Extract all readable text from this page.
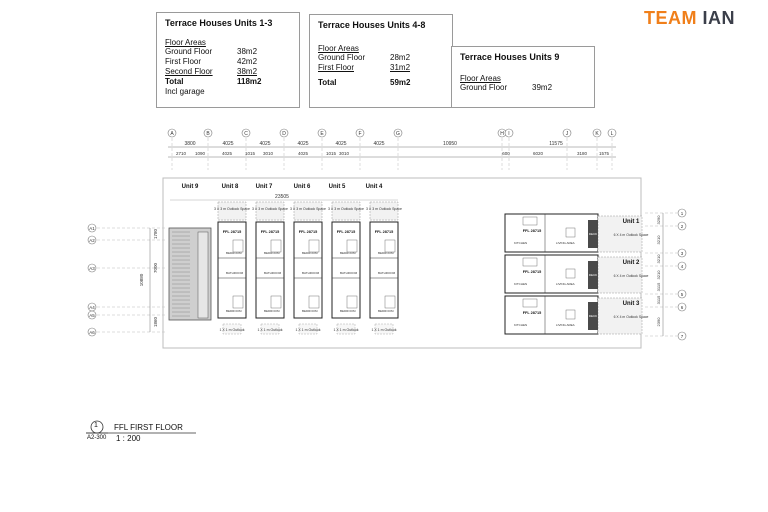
Terrace Houses Units 1-3
Floor Areas
Ground Floor	38m2
First Floor	42m2
Second Floor	38m2
Total	118m2
Incl garage
Terrace Houses Units 4-8
Floor Areas
Ground Floor	28m2
First Floor	31m2
Total	59m2
Terrace Houses Units 9
Floor Areas
Ground Floor	39m2
TEAM IAN
A	B	C	D	E	F	G	H I	J	K L
A1
A2
A3
A4
A5
A6
1
2
3
4
5
6
7
3 X 3 m Outlook Space
FFL 28715
BEDROOM
BATHROOM
BEDROOM
1 X 1 m Outlook
3 X 3 m Outlook Space
FFL 28715
BEDROOM
BATHROOM
BEDROOM
1 X 1 m Outlook
3 X 3 m Outlook Space
FFL 28715
BEDROOM
BATHROOM
BEDROOM
1 X 1 m Outlook
3 X 3 m Outlook Space
FFL 28715
BEDROOM
BATHROOM
BEDROOM
1 X 1 m Outlook
3 X 3 m Outlook Space
FFL 28715
BEDROOM
BATHROOM
BEDROOM
1 X 1 m Outlook
DECK
Unit 1
6 X 4 m Outlook Space
FFL 28715
KITCHEN	LIVING AREA
DECK
Unit 2
6 X 4 m Outlook Space
FFL 28715
KITCHEN	LIVING AREA
DECK
Unit 3
6 X 4 m Outlook Space
FFL 28715
KITCHEN	LIVING AREA
3800	4025	4025	4025	4025	4025	10950	11575
2710 1090	4025	1015 3010	4025	1015 3010	600	6020	3180	1575
23505
1780
7000
1860
10880
3290
3210
3210
3210
3115
3115
2390
Unit 9	Unit 8	Unit 7	Unit 6	Unit 5	Unit 4
1 FFL FIRST FLOOR
A2-300 1 : 200
